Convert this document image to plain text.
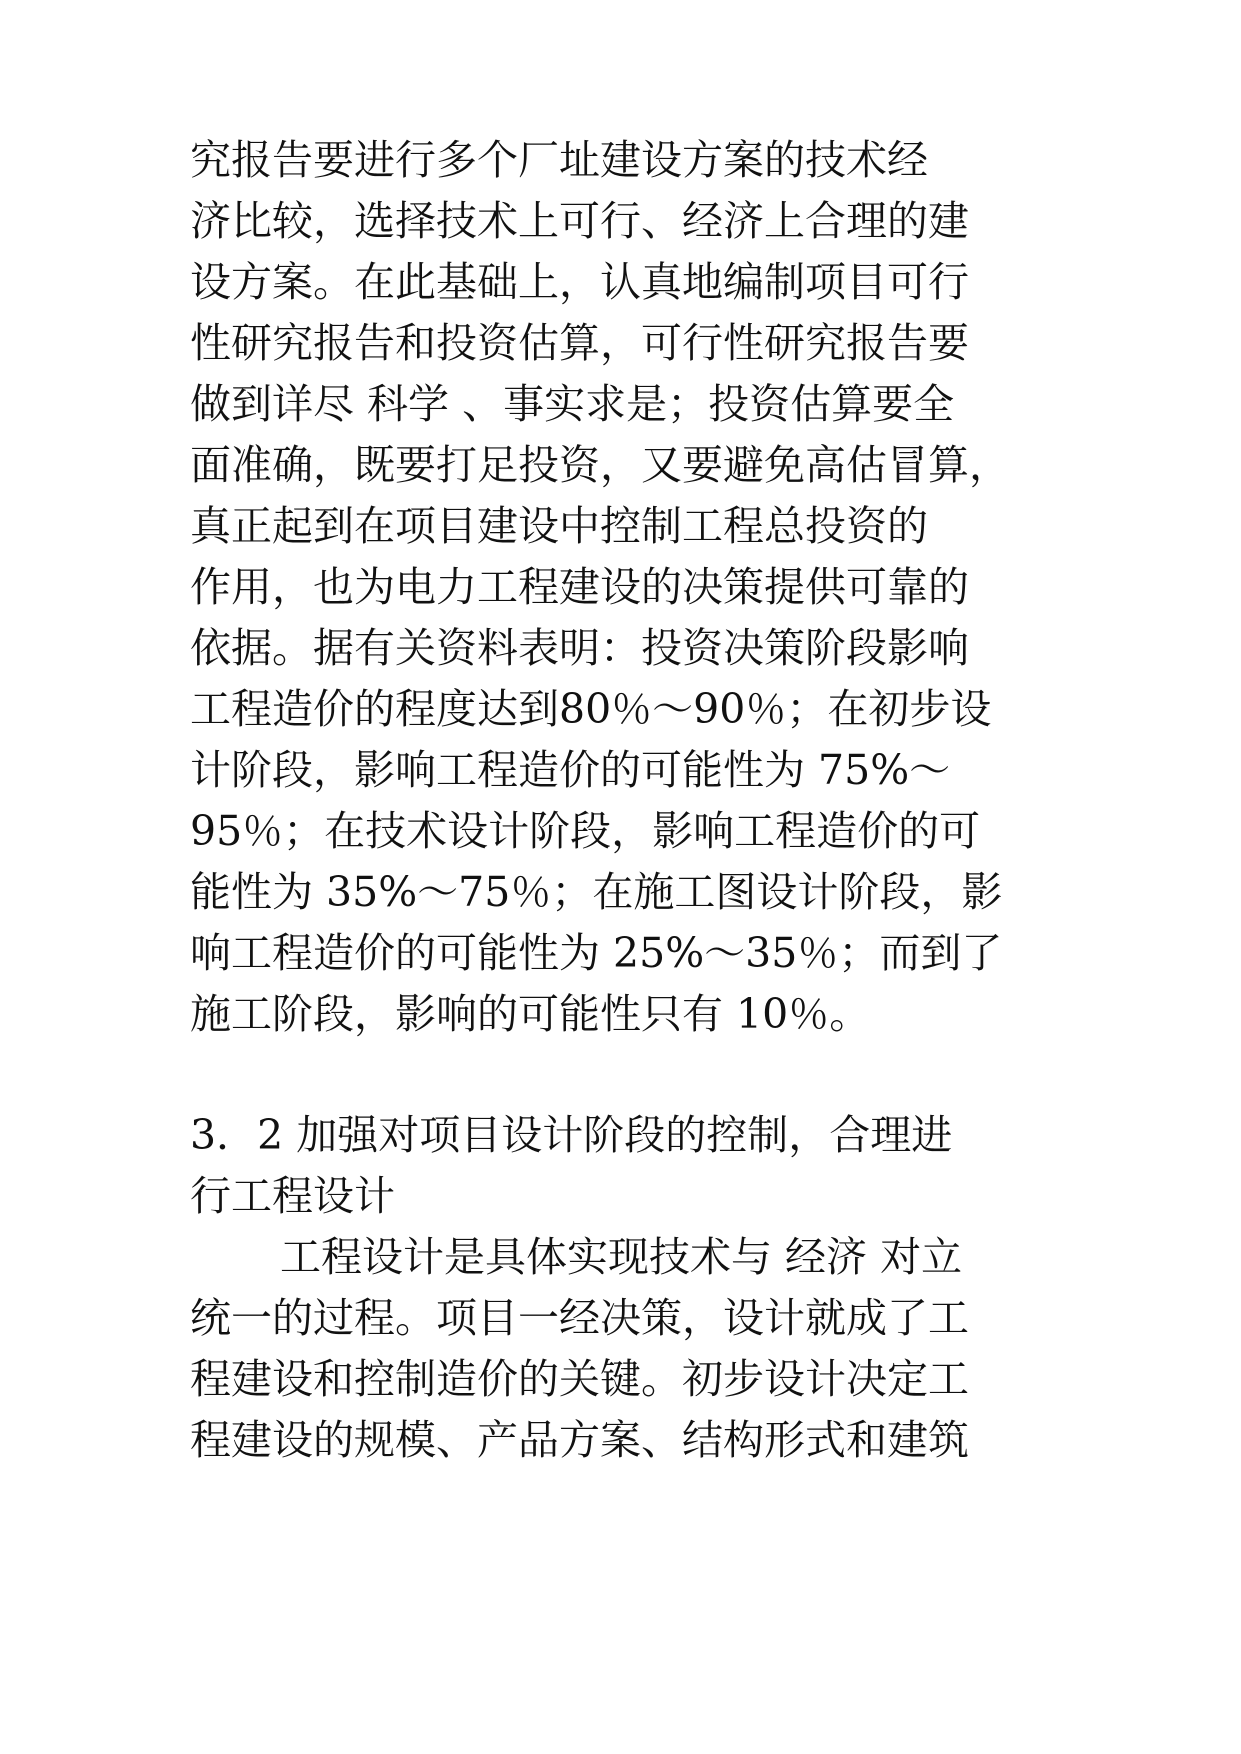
究报告要进行多个厂址建设方案的技术经
济比较，选择技术上可行、经济上合理的建
设方案。在此基础上，认真地编制项目可行
性研究报告和投资估算，可行性研究报告要
做到详尽 科学 、事实求是；投资估算要全
面准确，既要打足投资，又要避免高估冒算，
真正起到在项目建设中控制工程总投资的
作用，也为电力工程建设的决策提供可靠的
依据。据有关资料表明：投资决策阶段影响
工程造价的程度达到80％～90％；在初步设
计阶段，影响工程造价的可能性为 75%～
95％；在技术设计阶段，影响工程造价的可
能性为 35%～75％；在施工图设计阶段，影
响工程造价的可能性为 25%～35％；而到了
施工阶段，影响的可能性只有 10％。
3．2 加强对项目设计阶段的控制，合理进
行工程设计
工程设计是具体实现技术与 经济 对立
统一的过程。项目一经决策，设计就成了工
程建设和控制造价的关键。初步设计决定工
程建设的规模、产品方案、结构形式和建筑
